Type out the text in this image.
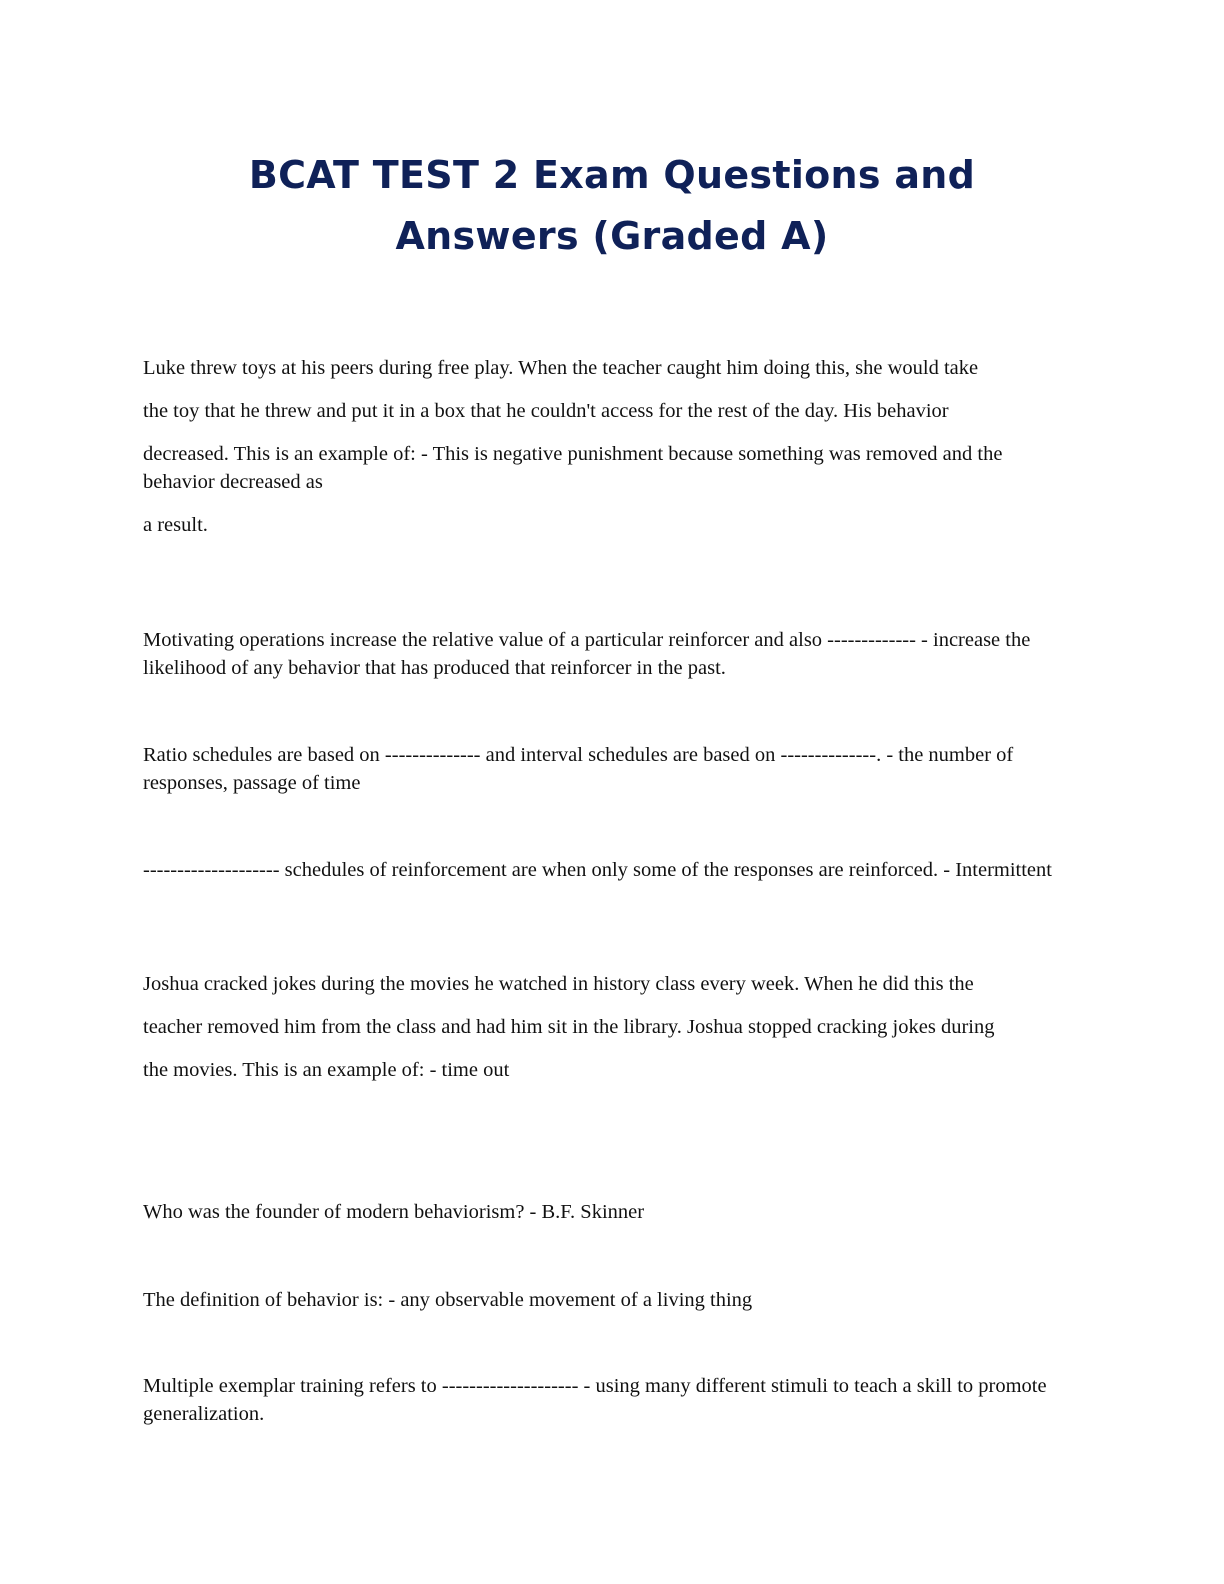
BCAT TEST 2 Exam Questions and
Answers (Graded A)
Luke threw toys at his peers during free play. When the teacher caught him doing this, she would take
the toy that he threw and put it in a box that he couldn't access for the rest of the day. His behavior
decreased. This is an example of: - This is negative punishment because something was removed and the behavior decreased as
a result.
Motivating operations increase the relative value of a particular reinforcer and also ------------- - increase the likelihood of any behavior that has produced that reinforcer in the past.
Ratio schedules are based on -------------- and interval schedules are based on --------------. - the number of responses, passage of time
-------------------- schedules of reinforcement are when only some of the responses are reinforced. - Intermittent
Joshua cracked jokes during the movies he watched in history class every week. When he did this the
teacher removed him from the class and had him sit in the library. Joshua stopped cracking jokes during
the movies. This is an example of: - time out
Who was the founder of modern behaviorism? - B.F. Skinner
The definition of behavior is: - any observable movement of a living thing
Multiple exemplar training refers to -------------------- - using many different stimuli to teach a skill to promote generalization.
